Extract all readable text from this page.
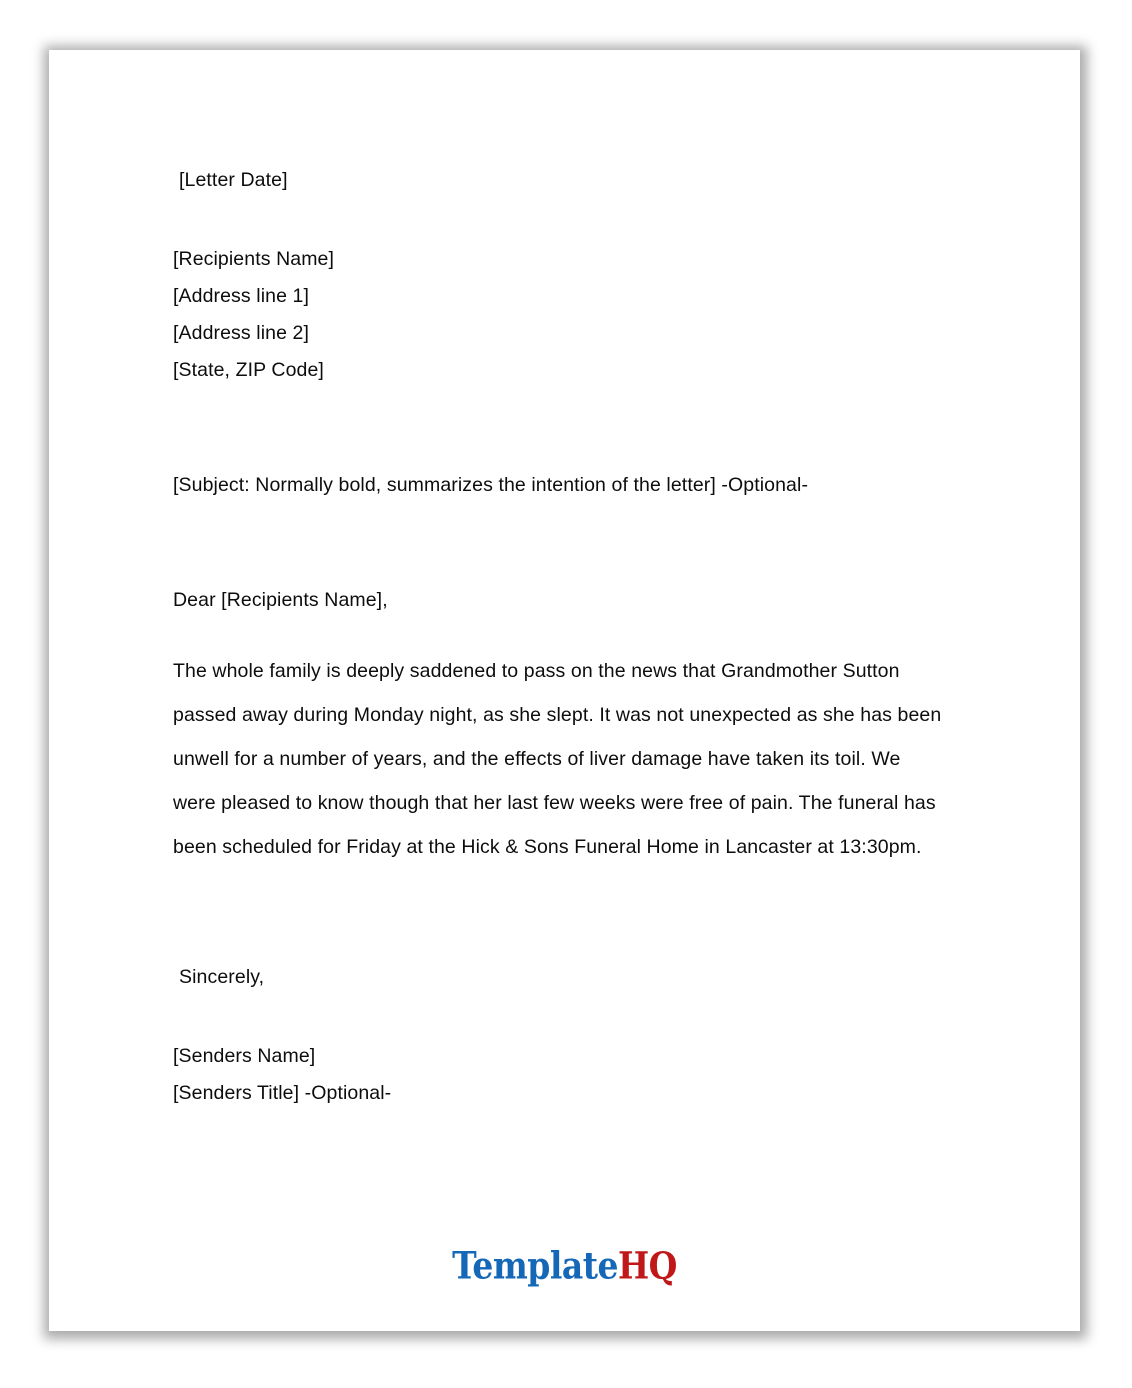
[Letter Date]
[Recipients Name]
[Address line 1]
[Address line 2]
[State, ZIP Code]
[Subject: Normally bold, summarizes the intention of the letter] -Optional-
Dear [Recipients Name],
The whole family is deeply saddened to pass on the news that Grandmother Sutton
passed away during Monday night, as she slept. It was not unexpected as she has been
unwell for a number of years, and the effects of liver damage have taken its toil. We
were pleased to know though that her last few weeks were free of pain. The funeral has
been scheduled for Friday at the Hick & Sons Funeral Home in Lancaster at 13:30pm.
Sincerely,
[Senders Name]
[Senders Title] -Optional-
TemplateHQ
